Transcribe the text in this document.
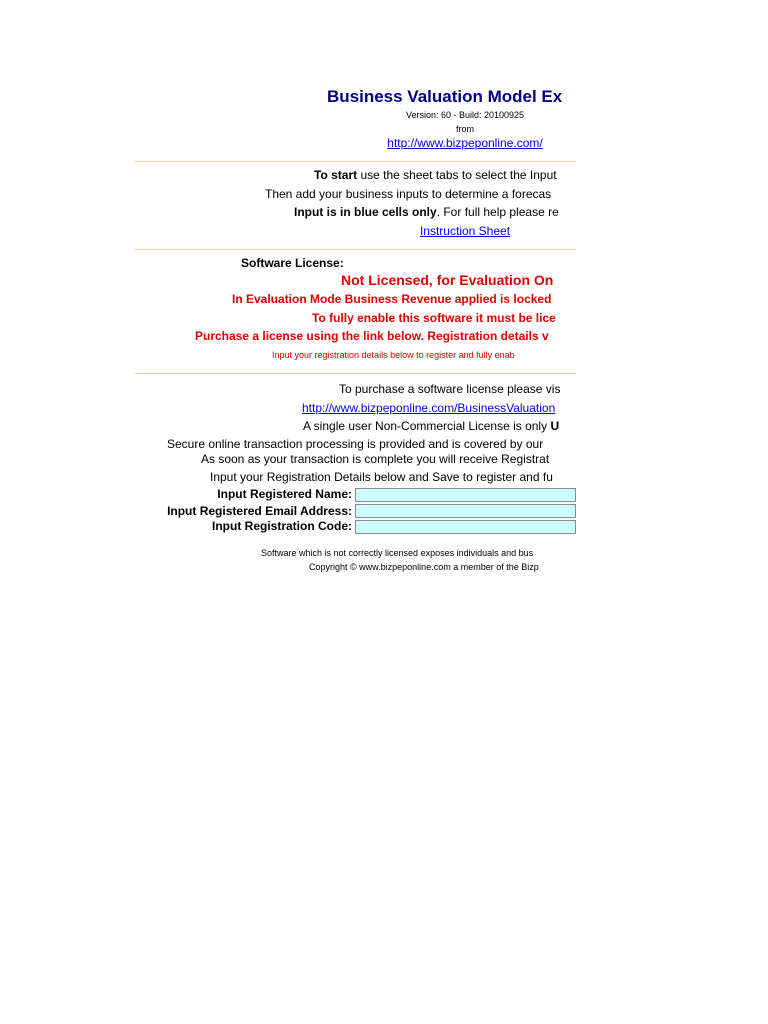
Business Valuation Model Ex
Version: 60 - Build: 20100925
from
http://www.bizpeponline.com/
To start use the sheet tabs to select the Input
Then add your business inputs to determine a forecas
Input is in blue cells only. For full help please re
Instruction Sheet
Software License:
Not Licensed, for Evaluation On
In Evaluation Mode Business Revenue applied is locked
To fully enable this software it must be lice
Purchase a license using the link below. Registration details v
Input your registration details below to register and fully enab
To purchase a software license please vis
http://www.bizpeponline.com/BusinessValuation
A single user Non-Commercial License is only U
Secure online transaction processing is provided and is covered by our
As soon as your transaction is complete you will receive Registrat
Input your Registration Details below and Save to register and fu
Input Registered Name:
Input Registered Email Address:
Input Registration Code:
Software which is not correctly licensed exposes individuals and bus
Copyright © www.bizpeponline.com a member of the Bizp
